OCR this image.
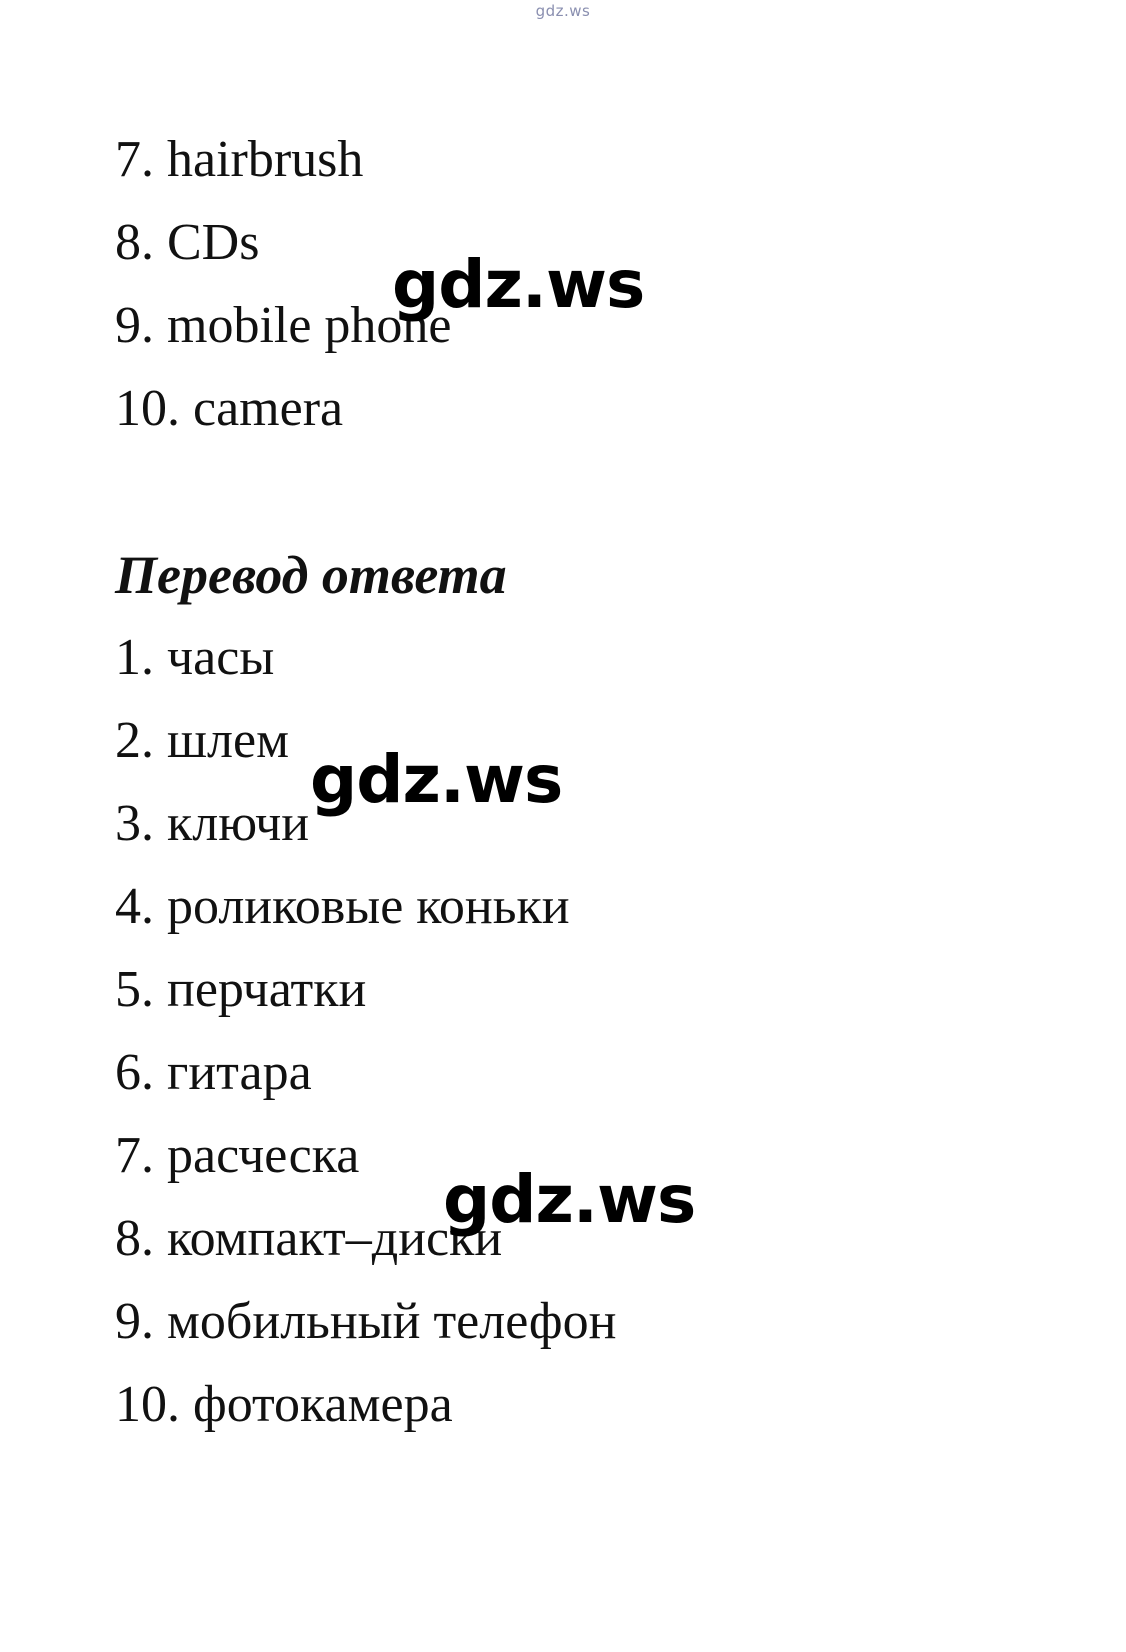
gdz.ws
7. hairbrush
8. CDs
9. mobile phone
10. camera
Перевод ответа
1. часы
2. шлем
3. ключи
4. роликовые коньки
5. перчатки
6. гитара
7. расческа
8. компакт–диски
9. мобильный телефон
10. фотокамера
gdz.ws
gdz.ws
gdz.ws
